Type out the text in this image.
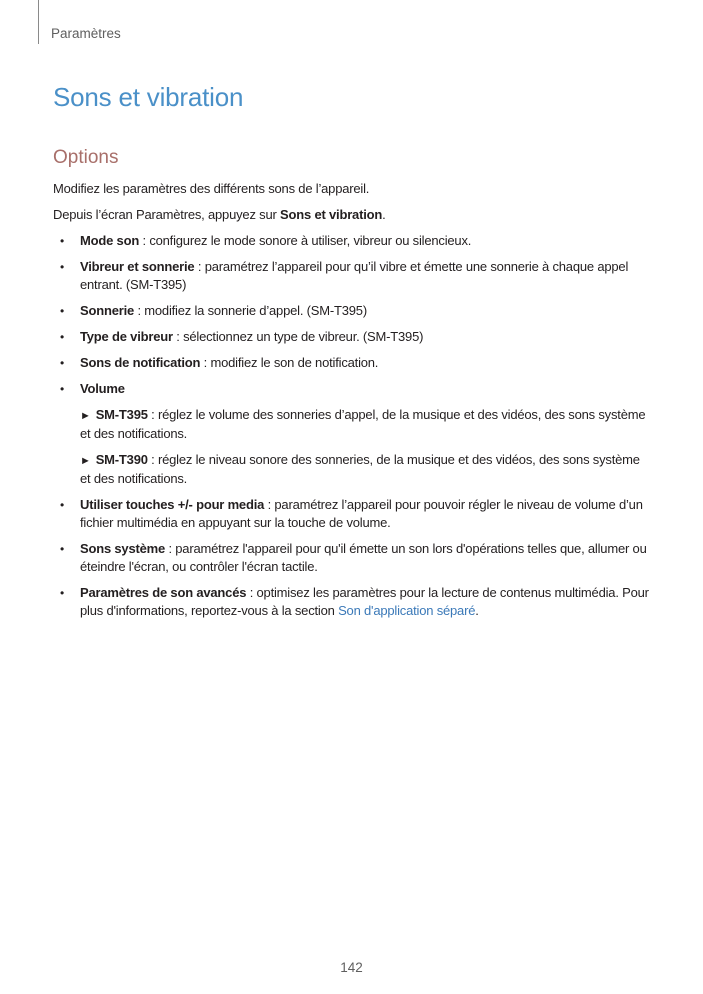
Paramètres
Sons et vibration
Options

Modifiez les paramètres des différents sons de l’appareil.

Depuis l’écran Paramètres, appuyez sur Sons et vibration.

• Mode son : configurez le mode sonore à utiliser, vibreur ou silencieux.
• Vibreur et sonnerie : paramétrez l’appareil pour qu’il vibre et émette une sonnerie à chaque appel entrant. (SM-T395)
• Sonnerie : modifiez la sonnerie d’appel. (SM-T395)
• Type de vibreur : sélectionnez un type de vibreur. (SM-T395)
• Sons de notification : modifiez le son de notification.
• Volume
► SM-T395 : réglez le volume des sonneries d’appel, de la musique et des vidéos, des sons système et des notifications.
► SM-T390 : réglez le niveau sonore des sonneries, de la musique et des vidéos, des sons système et des notifications.
• Utiliser touches +/- pour media : paramétrez l’appareil pour pouvoir régler le niveau de volume d’un fichier multimédia en appuyant sur la touche de volume.
• Sons système : paramétrez l'appareil pour qu'il émette un son lors d'opérations telles que, allumer ou éteindre l'écran, ou contrôler l'écran tactile.
• Paramètres de son avancés : optimisez les paramètres pour la lecture de contenus multimédia. Pour plus d'informations, reportez-vous à la section Son d'application séparé.
142
